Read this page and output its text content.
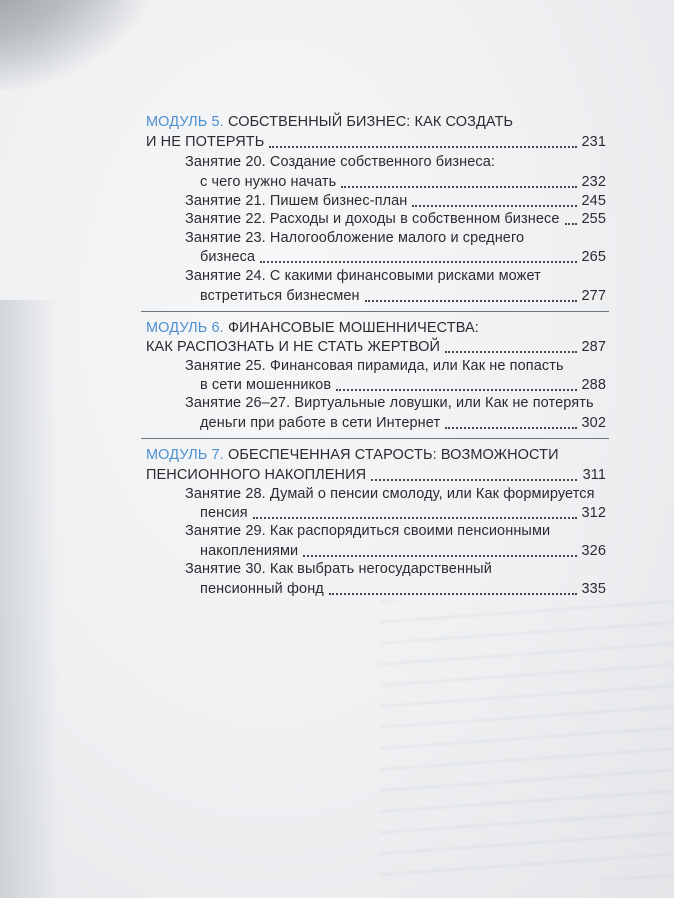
МОДУЛЬ 5. СОБСТВЕННЫЙ БИЗНЕС: КАК СОЗДАТЬ
И НЕ ПОТЕРЯТЬ	231
Занятие 20. Создание собственного бизнеса:
с чего нужно начать	232
Занятие 21. Пишем бизнес-план	245
Занятие 22. Расходы и доходы в собственном бизнесе 255
Занятие 23. Налогообложение малого и среднего
бизнеса	265
Занятие 24. С какими финансовыми рисками может
встретиться бизнесмен	277
МОДУЛЬ 6. ФИНАНСОВЫЕ МОШЕННИЧЕСТВА:
КАК РАСПОЗНАТЬ И НЕ СТАТЬ ЖЕРТВОЙ	287
Занятие 25. Финансовая пирамида, или Как не попасть
в сети мошенников	288
Занятие 26–27. Виртуальные ловушки, или Как не потерять
деньги при работе в сети Интернет	302
МОДУЛЬ 7. ОБЕСПЕЧЕННАЯ СТАРОСТЬ: ВОЗМОЖНОСТИ
ПЕНСИОННОГО НАКОПЛЕНИЯ	311
Занятие 28. Думай о пенсии смолоду, или Как формируется
пенсия	312
Занятие 29. Как распорядиться своими пенсионными
накоплениями	326
Занятие 30. Как выбрать негосударственный
пенсионный фонд	335
